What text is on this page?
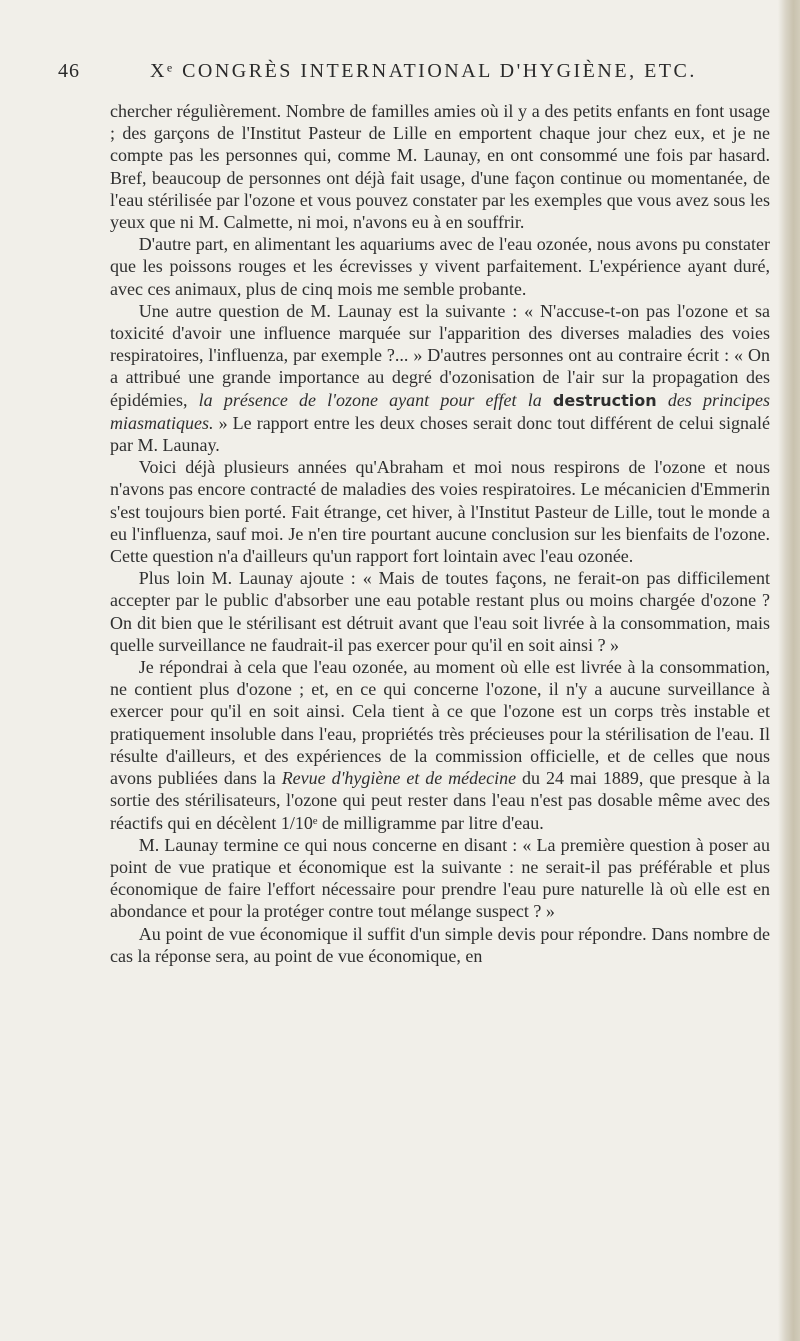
46	Xᵉ CONGRÈS INTERNATIONAL D'HYGIÈNE, ETC.

chercher régulièrement. Nombre de familles amies où il y a des petits enfants en font usage ; des garçons de l'Institut Pasteur de Lille en emportent chaque jour chez eux, et je ne compte pas les personnes qui, comme M. Launay, en ont consommé une fois par hasard. Bref, beaucoup de personnes ont déjà fait usage, d'une façon continue ou momentanée, de l'eau stérilisée par l'ozone et vous pouvez constater par les exemples que vous avez sous les yeux que ni M. Calmette, ni moi, n'avons eu à en souffrir.

D'autre part, en alimentant les aquariums avec de l'eau ozonée, nous avons pu constater que les poissons rouges et les écrevisses y vivent parfaitement. L'expérience ayant duré, avec ces animaux, plus de cinq mois me semble probante.

Une autre question de M. Launay est la suivante : « N'accuse-t-on pas l'ozone et sa toxicité d'avoir une influence marquée sur l'apparition des diverses maladies des voies respiratoires, l'influenza, par exemple ?... » D'autres personnes ont au contraire écrit : « On a attribué une grande importance au degré d'ozonisation de l'air sur la propagation des épidémies, la présence de l'ozone ayant pour effet la destruction des principes miasmatiques. » Le rapport entre les deux choses serait donc tout différent de celui signalé par M. Launay.

Voici déjà plusieurs années qu'Abraham et moi nous respirons de l'ozone et nous n'avons pas encore contracté de maladies des voies respiratoires. Le mécanicien d'Emmerin s'est toujours bien porté. Fait étrange, cet hiver, à l'Institut Pasteur de Lille, tout le monde a eu l'influenza, sauf moi. Je n'en tire pourtant aucune conclusion sur les bienfaits de l'ozone. Cette question n'a d'ailleurs qu'un rapport fort lointain avec l'eau ozonée.

Plus loin M. Launay ajoute : « Mais de toutes façons, ne ferait-on pas difficilement accepter par le public d'absorber une eau potable restant plus ou moins chargée d'ozone ? On dit bien que le stérilisant est détruit avant que l'eau soit livrée à la consommation, mais quelle surveillance ne faudrait-il pas exercer pour qu'il en soit ainsi ? »

Je répondrai à cela que l'eau ozonée, au moment où elle est livrée à la consommation, ne contient plus d'ozone ; et, en ce qui concerne l'ozone, il n'y a aucune surveillance à exercer pour qu'il en soit ainsi. Cela tient à ce que l'ozone est un corps très instable et pratiquement insoluble dans l'eau, propriétés très précieuses pour la stérilisation de l'eau. Il résulte d'ailleurs, et des expériences de la commission officielle, et de celles que nous avons publiées dans la Revue d'hygiène et de médecine du 24 mai 1889, que presque à la sortie des stérilisateurs, l'ozone qui peut rester dans l'eau n'est pas dosable même avec des réactifs qui en décèlent 1/10ᵉ de milligramme par litre d'eau.

M. Launay termine ce qui nous concerne en disant : « La première question à poser au point de vue pratique et économique est la suivante : ne serait-il pas préférable et plus économique de faire l'effort nécessaire pour prendre l'eau pure naturelle là où elle est en abondance et pour la protéger contre tout mélange suspect ? »

Au point de vue économique il suffit d'un simple devis pour répondre. Dans nombre de cas la réponse sera, au point de vue économique, en
